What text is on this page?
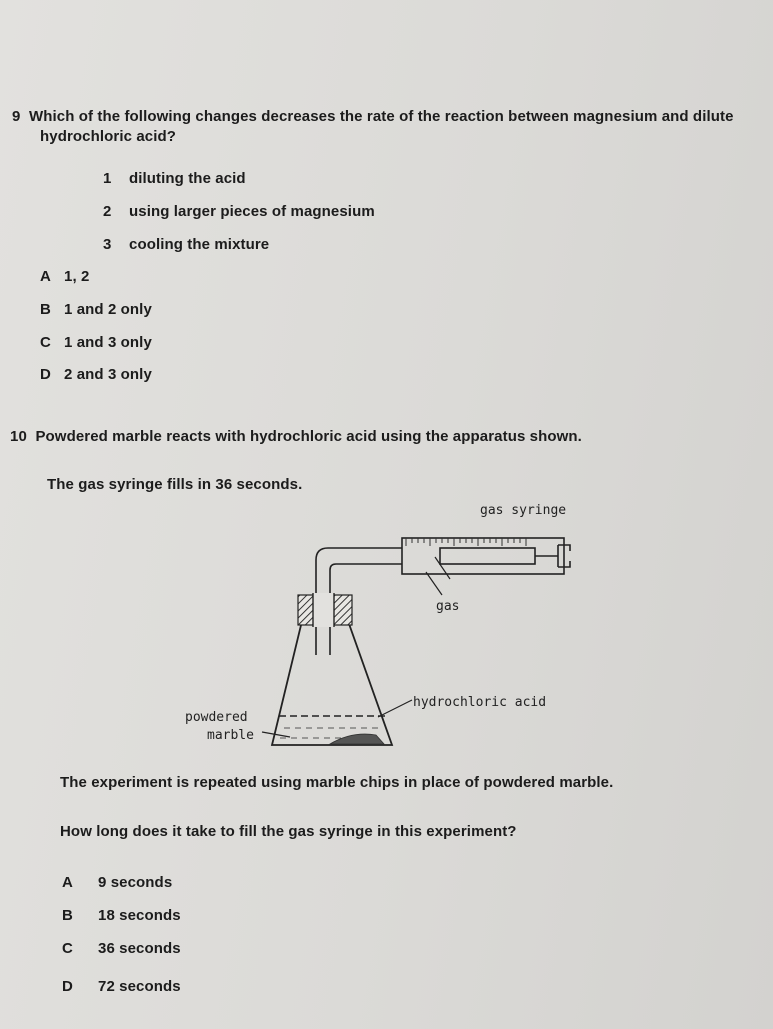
9 Which of the following changes decreases the rate of the reaction between magnesium and dilute
hydrochloric acid?
1 diluting the acid
2 using larger pieces of magnesium
3 cooling the mixture
A 1, 2
B 1 and 2 only
C 1 and 3 only
D 2 and 3 only
10 Powdered marble reacts with hydrochloric acid using the apparatus shown.
The gas syringe fills in 36 seconds.
gas syringe
gas
hydrochloric acid
powdered
marble
The experiment is repeated using marble chips in place of powdered marble.
How long does it take to fill the gas syringe in this experiment?
A 9 seconds
B 18 seconds
C 36 seconds
D 72 seconds
